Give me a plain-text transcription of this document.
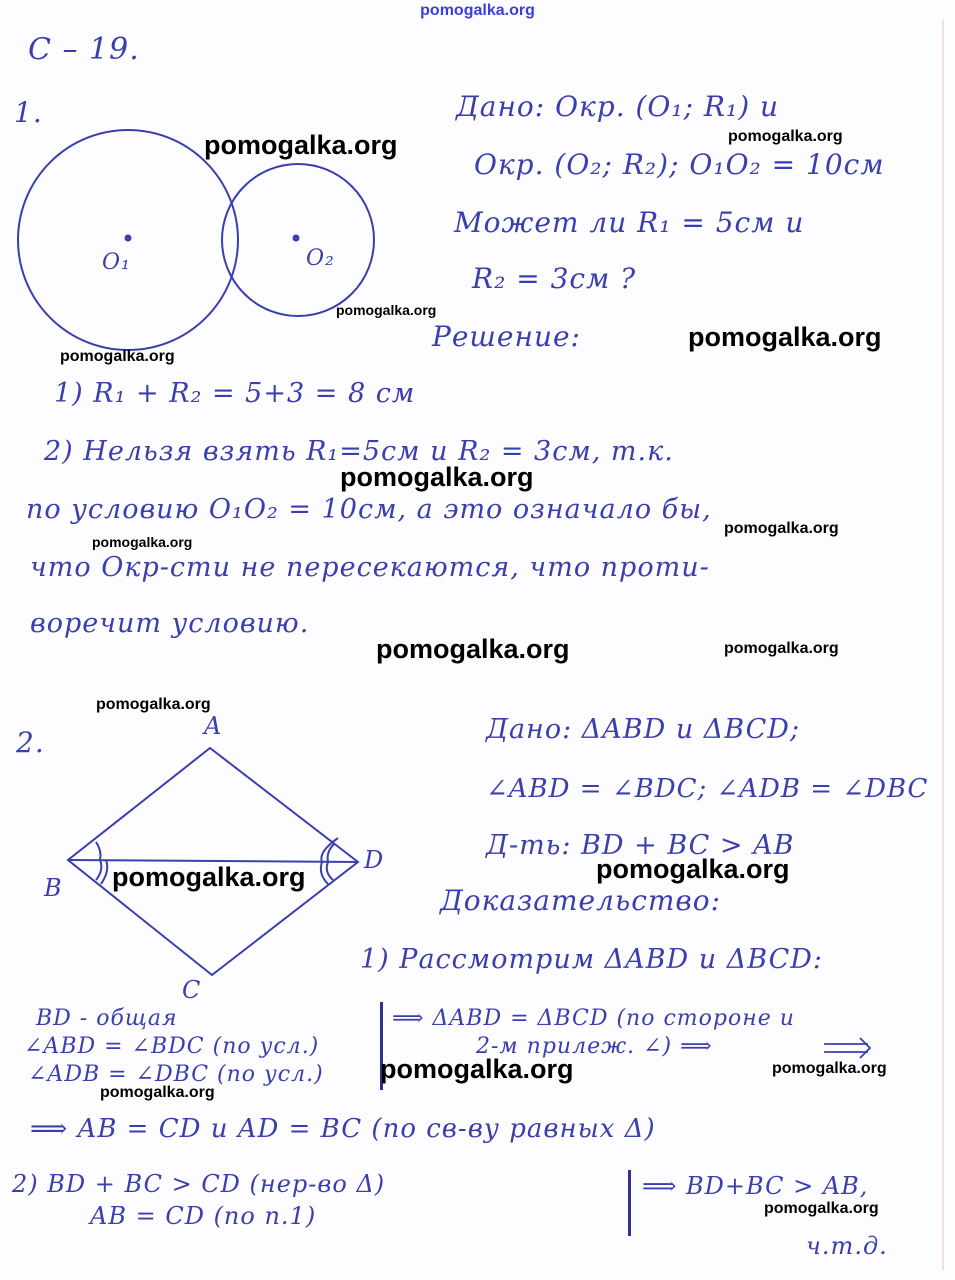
pomogalka.org
С – 19.
O₁	O₂
A
B
C
D
1.	Дано: Окр. (O₁; R₁) и
Окр. (O₂; R₂); O₁O₂ = 10см
Может ли R₁ = 5см и
R₂ = 3см ?
Решение:
1) R₁ + R₂ = 5+3 = 8 см
2) Нельзя взять R₁=5см и R₂ = 3см, т.к.
по условию O₁O₂ = 10см, а это означало бы,
что Окр-сти не пересекаются, что проти-
воречит условию.
2.	Дано: ΔABD и ΔBCD;
∠ABD = ∠BDC; ∠ADB = ∠DBC
Д-ть: BD + BC > AB
Доказательство:
1) Рассмотрим ΔABD и ΔBCD:
BD - общая
∠ABD = ∠BDC (по усл.)
∠ADB = ∠DBC (по усл.)
⟹ ΔABD = ΔBCD (по стороне и
2-м прилеж. ∠) ⟹
⟹ AB = CD и AD = BC (по св-ву равных Δ)
2) BD + BC > CD (нер-во Δ)
AB = CD (по п.1)
⟹ BD+BC > AB,
ч.т.д.
pomogalka.org	pomogalka.org
pomogalka.org
pomogalka.org
pomogalka.org
pomogalka.org
pomogalka.org
pomogalka.org
pomogalka.org	pomogalka.org
pomogalka.org
pomogalka.org
pomogalka.org
pomogalka.org	pomogalka.org
pomogalka.org
pomogalka.org
